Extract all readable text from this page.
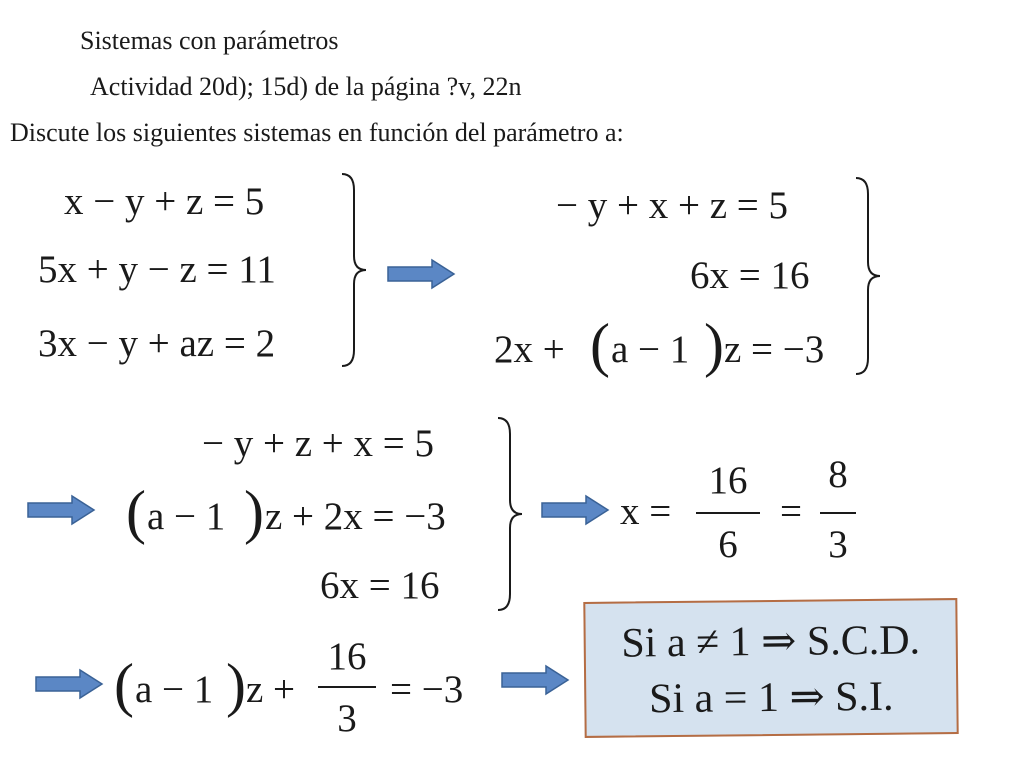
Sistemas con parámetros
Actividad 20d); 15d) de la página ?v, 22n
Discute los siguientes sistemas en función del parámetro a:
x − y + z = 5
5x + y − z = 11
3x − y + az = 2
− y + x + z = 5
6x = 16
2x + ( a − 1 ) z = −3
− y + z + x = 5
( a − 1 ) z + 2x = −3
6x = 16
x =
16
6
=
8
3
( a − 1 ) z +
16
3
= −3
Si a ≠ 1 ⇒ S.C.D.
Si a = 1 ⇒ S.I.
